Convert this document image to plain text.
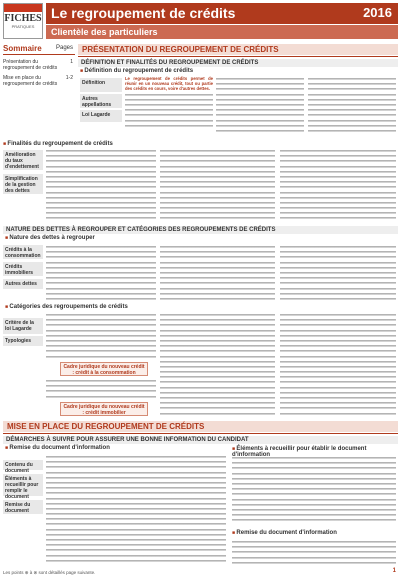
FICHES
PRATIQUES
Le regroupement de crédits	2016
Clientèle des particuliers
Sommaire Pages
Présentation du regroupement de crédits
1
Mise en place du regroupement de crédits
1-2
PRÉSENTATION DU REGROUPEMENT DE CRÉDITS
DÉFINITION ET FINALITÉS DU REGROUPEMENT DE CRÉDITS
■ Définition du regroupement de crédits
Définition
Autres appellations
Loi Lagarde
Le regroupement de crédits permet de réunir en un nouveau crédit, tout ou partie des crédits en cours, voire d'autres dettes.
■ Finalités du regroupement de crédits
Amélioration du taux d'endettement
Simplification de la gestion des dettes
NATURE DES DETTES À REGROUPER ET CATÉGORIES DES REGROUPEMENTS DE CRÉDITS
■ Nature des dettes à regrouper
Crédits à la consommation
Crédits immobiliers
Autres dettes
■ Catégories des regroupements de crédits
Critère de la loi Lagarde
Typologies
Cadre juridique du nouveau crédit : crédit à la consommation
Cadre juridique du nouveau crédit : crédit immobilier
MISE EN PLACE DU REGROUPEMENT DE CRÉDITS
DÉMARCHES À SUIVRE POUR ASSURER UNE BONNE INFORMATION DU CANDIDAT
■ Remise du document d'information
Contenu du document
Éléments à recueillir pour remplir le document
Remise du document
■ Éléments à recueillir pour établir le document
■ Remise du document d'information
Les points ⊕ à ⊗ sont détaillés page suivante.	1
